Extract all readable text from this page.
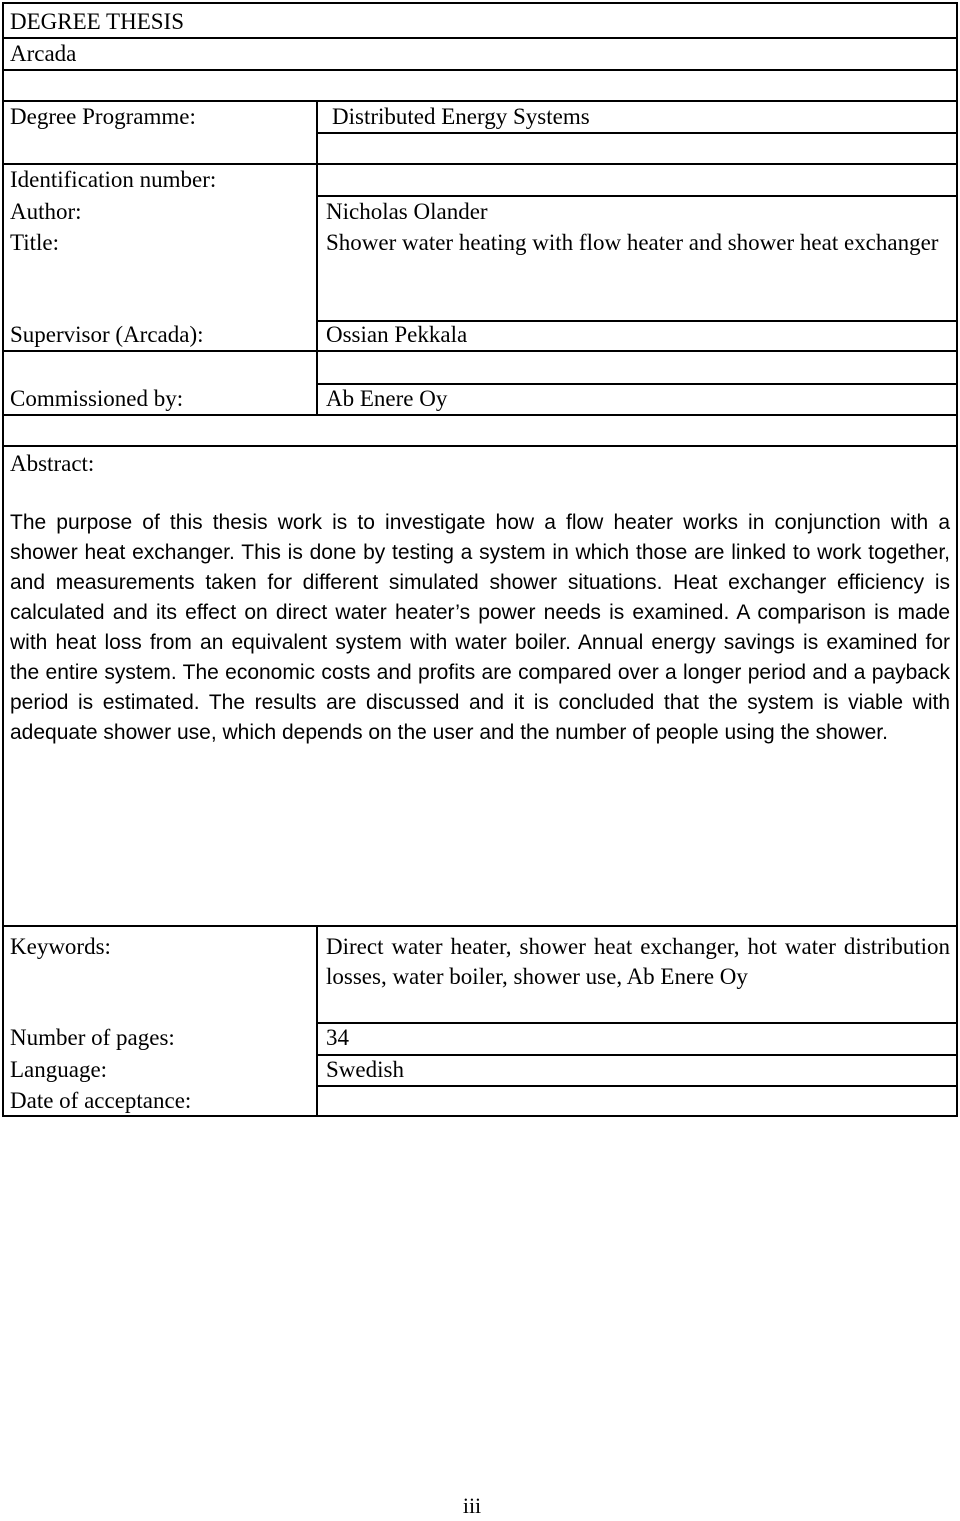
DEGREE THESIS
Arcada
Degree Programme:	Distributed Energy Systems
Identification number:
Author:	Nicholas Olander
Title:	Shower water heating with flow heater and shower heat exchanger
Supervisor (Arcada):	Ossian Pekkala
Commissioned by:	Ab Enere Oy
Abstract:
The purpose of this thesis work is to investigate how a flow heater works in conjunction with a shower heat exchanger. This is done by testing a system in which those are linked to work together, and measurements taken for different simulated shower situations. Heat exchanger efficiency is calculated and its effect on direct water heater’s power needs is examined. A comparison is made with heat loss from an equivalent system with water boiler. Annual energy savings is examined for the entire system. The economic costs and profits are compared over a longer period and a payback period is estimated. The results are discussed and it is concluded that the system is viable with adequate shower use, which depends on the user and the number of people using the shower.
Keywords:	Direct water heater, shower heat exchanger, hot water distribution losses, water boiler, shower use, Ab Enere Oy
Number of pages:	34
Language:	Swedish
Date of acceptance:
iii
